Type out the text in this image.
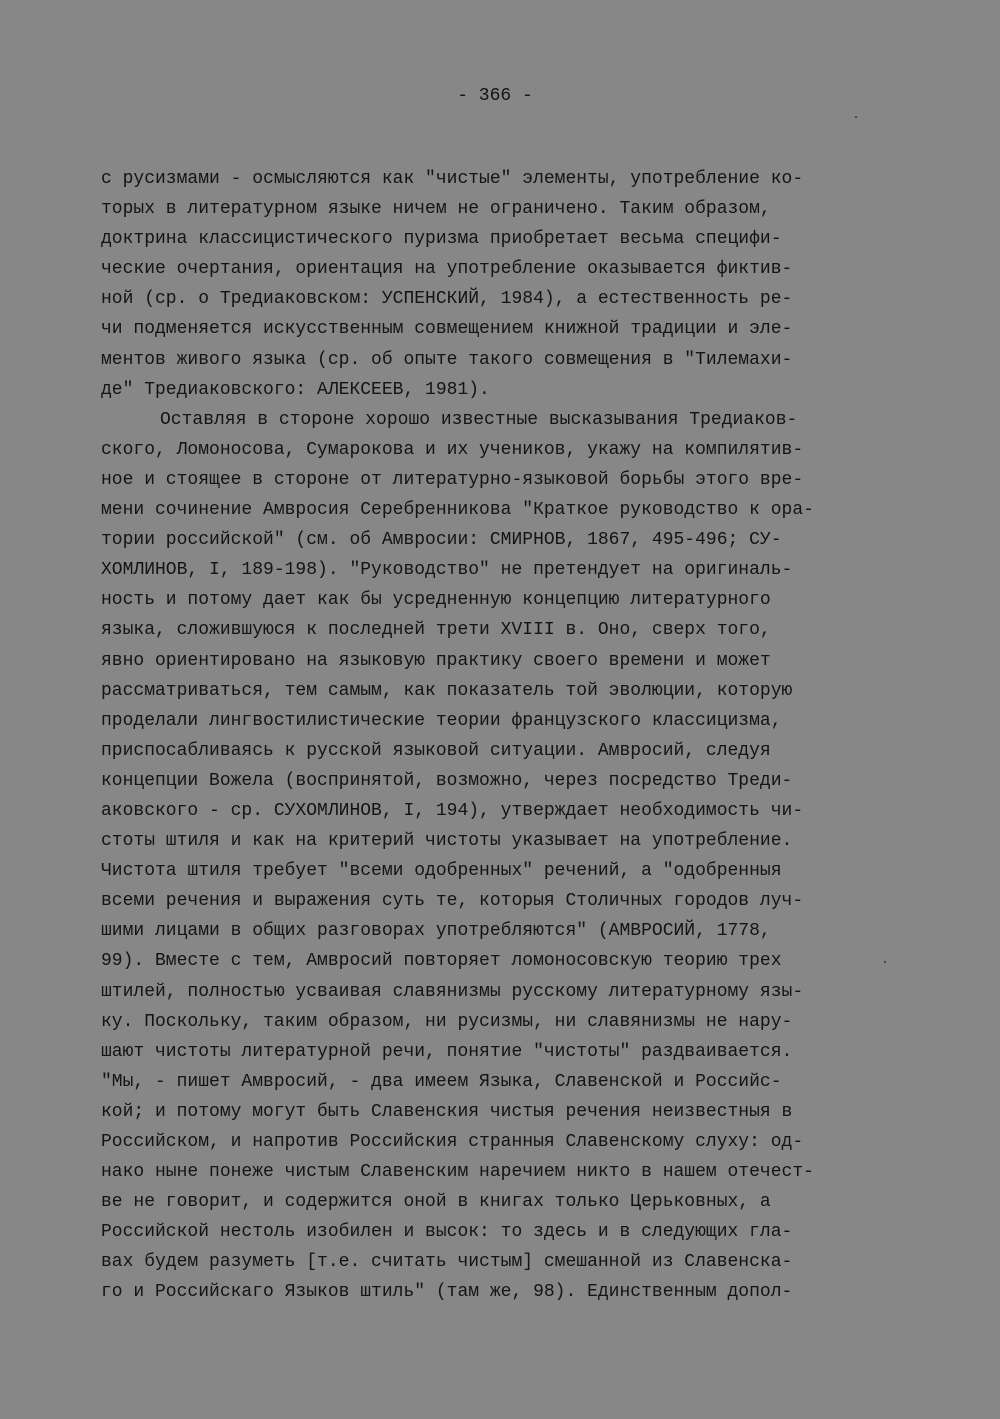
- 366 -
с русизмами - осмысляются как "чистые" элементы, употребление ко-
торых в литературном языке ничем не ограничено. Таким образом,
доктрина классицистического пуризма приобретает весьма специфи-
ческие очертания, ориентация на употребление оказывается фиктив-
ной (ср. о Тредиаковском: УСПЕНСКИЙ, 1984), а естественность ре-
чи подменяется искусственным совмещением книжной традиции и эле-
ментов живого языка (ср. об опыте такого совмещения в "Тилемахи-
де" Тредиаковского: АЛЕКСЕЕВ, 1981).
Оставляя в стороне хорошо известные высказывания Тредиаков-
ского, Ломоносова, Сумарокова и их учеников, укажу на компилятив-
ное и стоящее в стороне от литературно-языковой борьбы этого вре-
мени сочинение Амвросия Серебренникова "Краткое руководство к ора-
тории российской" (см. об Амвросии: СМИРНОВ, 1867, 495-496; СУ-
ХОМЛИНОВ, I, 189-198). "Руководство" не претендует на оригиналь-
ность и потому дает как бы усредненную концепцию литературного
языка, сложившуюся к последней трети XVIII в. Оно, сверх того,
явно ориентировано на языковую практику своего времени и может
рассматриваться, тем самым, как показатель той эволюции, которую
проделали лингвостилистические теории французского классицизма,
приспосабливаясь к русской языковой ситуации. Амвросий, следуя
концепции Вожела (воспринятой, возможно, через посредство Треди-
аковского - ср. СУХОМЛИНОВ, I, 194), утверждает необходимость чи-
стоты штиля и как на критерий чистоты указывает на употребление.
Чистота штиля требует "всеми одобренных" речений, а "одобренныя
всеми речения и выражения суть те, которыя Столичных городов луч-
шими лицами в общих разговорах употребляются" (АМВРОСИЙ, 1778,
99). Вместе с тем, Амвросий повторяет ломоносовскую теорию трех
штилей, полностью усваивая славянизмы русскому литературному язы-
ку. Поскольку, таким образом, ни русизмы, ни славянизмы не нару-
шают чистоты литературной речи, понятие "чистоты" раздваивается.
"Мы, - пишет Амвросий, - два имеем Языка, Славенской и Российс-
кой; и потому могут быть Славенския чистыя речения неизвестныя в
Российском, и напротив Российския странныя Славенскому слуху: од-
нако ныне понеже чистым Славенским наречием никто в нашем отечест-
ве не говорит, и содержится оной в книгах только Церьковных, а
Российской нестоль изобилен и высок: то здесь и в следующих гла-
вах будем разуметь [т.е. считать чистым] смешанной из Славенска-
го и Российскаго Языков штиль" (там же, 98). Единственным допол-
